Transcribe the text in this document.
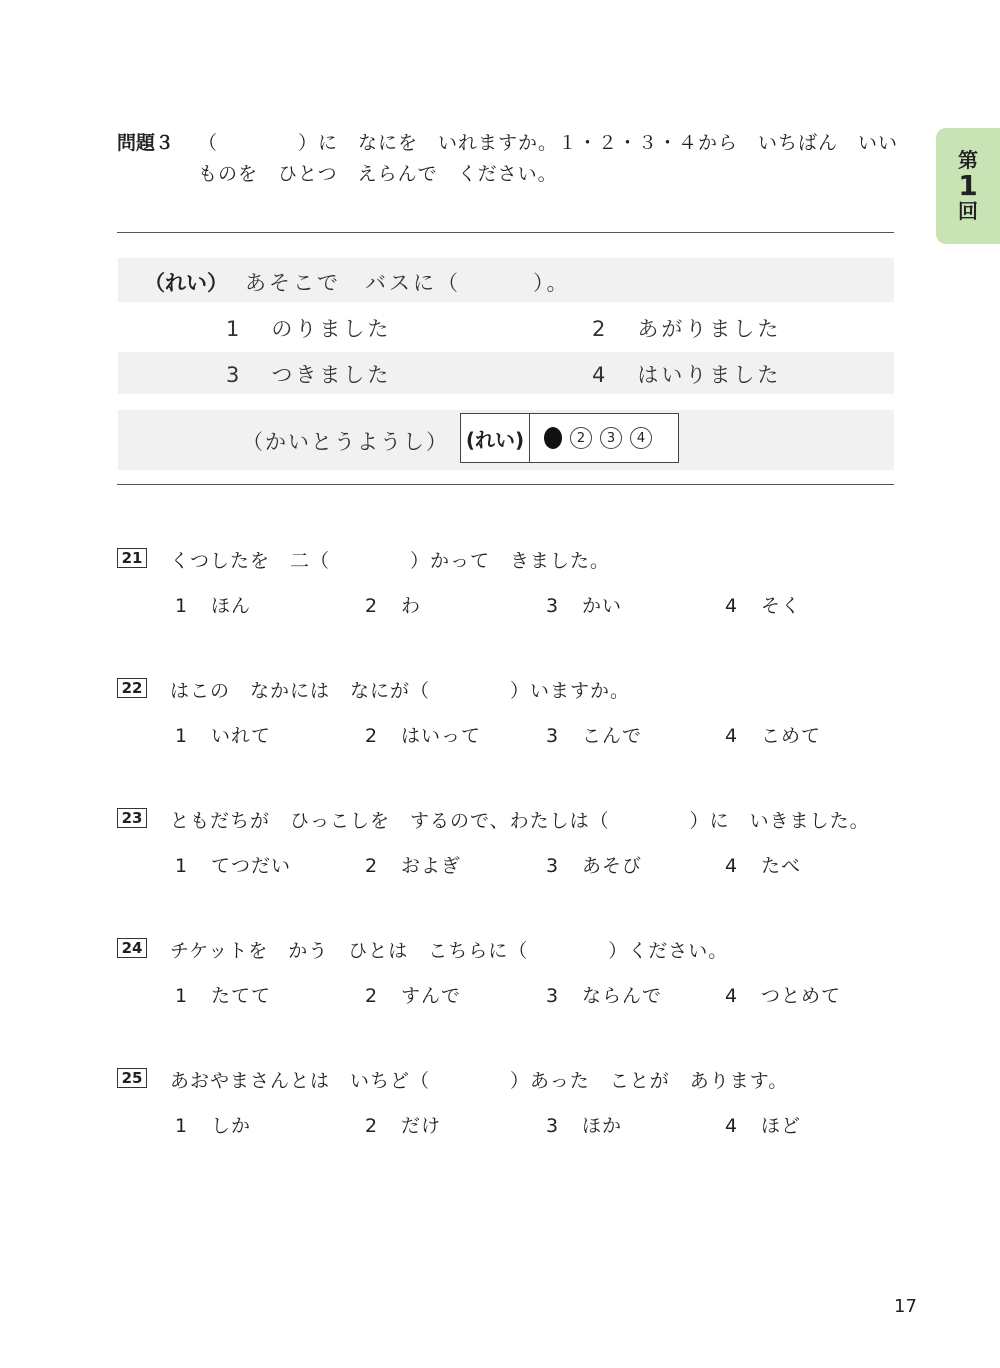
第
1
回
問題３ （　　　　）に　なにを　いれますか。１・２・３・４から　いちばん　いい
ものを　ひとつ　えらんで　ください。
（れい） あそこで　バスに（　　　）。
1 のりました	2 あがりました
3 つきました	4 はいりました
（かいとうようし） (れい)	2	3	4
21 くつしたを　二（　　　　）かって　きました。
1 ほん	2 わ	3 かい	4 そく
22 はこの　なかには　なにが（　　　　）いますか。
1 いれて	2 はいって	3 こんで	4 こめて
23 ともだちが　ひっこしを　するので、わたしは（　　　　）に　いきました。
1 てつだい	2 およぎ	3 あそび	4 たべ
24 チケットを　かう　ひとは　こちらに（　　　　）ください。
1 たてて	2 すんで	3 ならんで	4 つとめて
25 あおやまさんとは　いちど（　　　　）あった　ことが　あります。
1 しか	2 だけ	3 ほか	4 ほど
17
